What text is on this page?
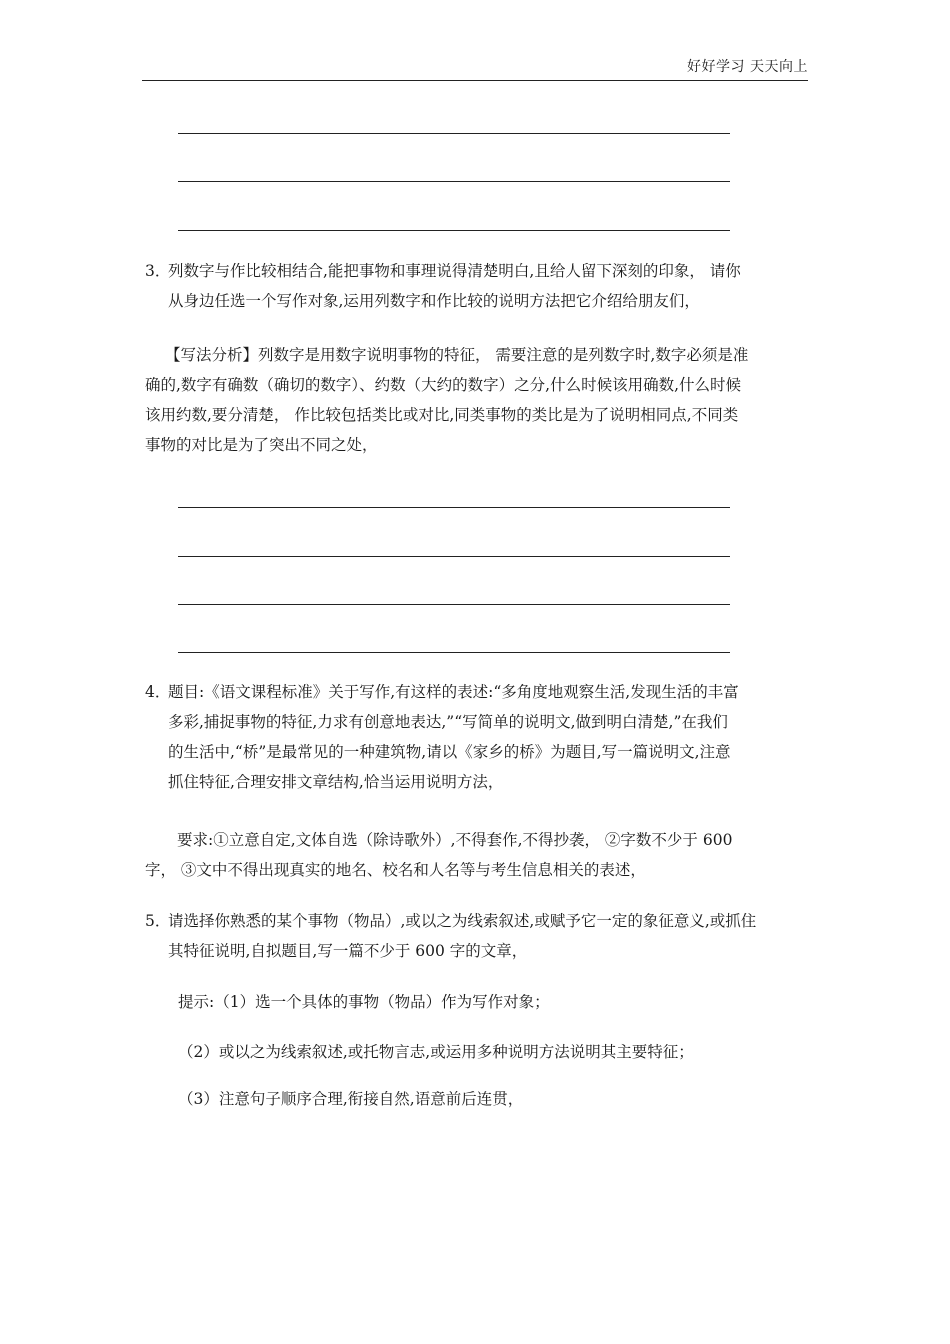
好好学习 天天向上
3．
列数字与作比较相结合,能把事物和事理说得清楚明白,且给人留下深刻的印象， 请你
从身边任选一个写作对象,运用列数字和作比较的说明方法把它介绍给朋友们，
【写法分析】列数字是用数字说明事物的特征， 需要注意的是列数字时,数字必须是准
确的,数字有确数（确切的数字）、约数（大约的数字）之分,什么时候该用确数,什么时候
该用约数,要分清楚， 作比较包括类比或对比,同类事物的类比是为了说明相同点,不同类
事物的对比是为了突出不同之处，
4．
题目:《语文课程标准》关于写作,有这样的表述:“多角度地观察生活,发现生活的丰富
多彩,捕捉事物的特征,力求有创意地表达,”“写简单的说明文,做到明白清楚,”在我们
的生活中,“桥”是最常见的一种建筑物,请以《家乡的桥》为题目,写一篇说明文,注意
抓住特征,合理安排文章结构,恰当运用说明方法，
要求:①立意自定,文体自选（除诗歌外）,不得套作,不得抄袭， ②字数不少于 600
字， ③文中不得出现真实的地名、校名和人名等与考生信息相关的表述，
5．
请选择你熟悉的某个事物（物品）,或以之为线索叙述,或赋予它一定的象征意义,或抓住
其特征说明,自拟题目,写一篇不少于 600 字的文章，

提示:（1）选一个具体的事物（物品）作为写作对象；

（2）或以之为线索叙述,或托物言志,或运用多种说明方法说明其主要特征；

（3）注意句子顺序合理,衔接自然,语意前后连贯，
